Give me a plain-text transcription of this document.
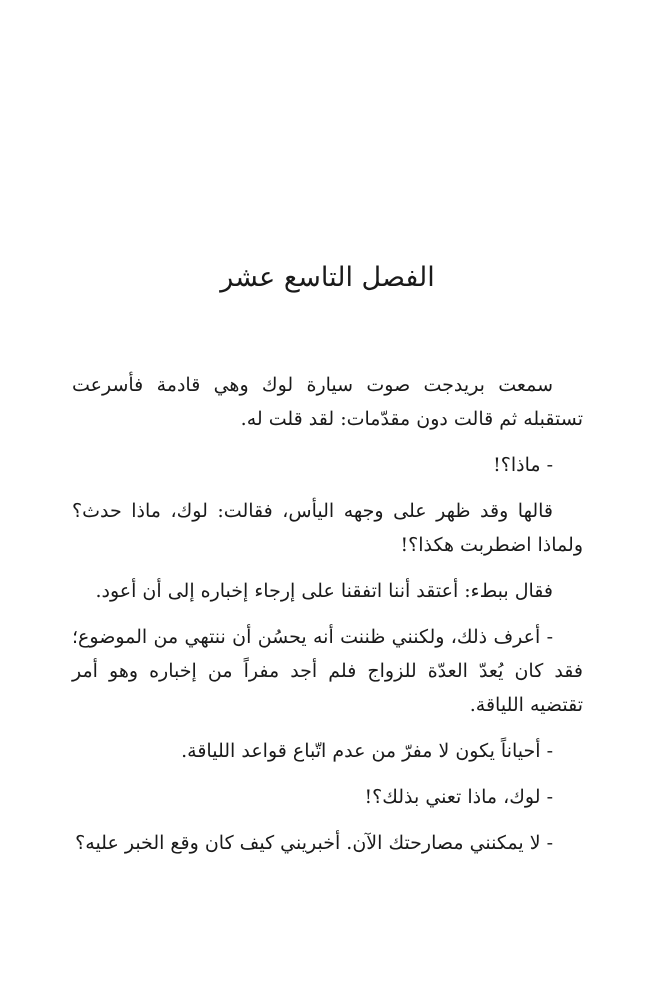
الفصل التاسع عشر

سمعت بريدجت صوت سيارة لوك وهي قادمة فأسرعت تستقبله ثم قالت دون مقدّمات: لقد قلت له.

- ماذا؟!

قالها وقد ظهر على وجهه اليأس، فقالت: لوك، ماذا حدث؟ ولماذا اضطربت هكذا؟!

فقال ببطء: أعتقد أننا اتفقنا على إرجاء إخباره إلى أن أعود.

- أعرف ذلك، ولكنني ظننت أنه يحسُن أن ننتهي من الموضوع؛ فقد كان يُعدّ العدّة للزواج فلم أجد مفراً من إخباره وهو أمر تقتضيه اللياقة.

- أحياناً يكون لا مفرّ من عدم اتّباع قواعد اللياقة.

- لوك، ماذا تعني بذلك؟!

- لا يمكنني مصارحتك الآن. أخبريني كيف كان وقع الخبر عليه؟
